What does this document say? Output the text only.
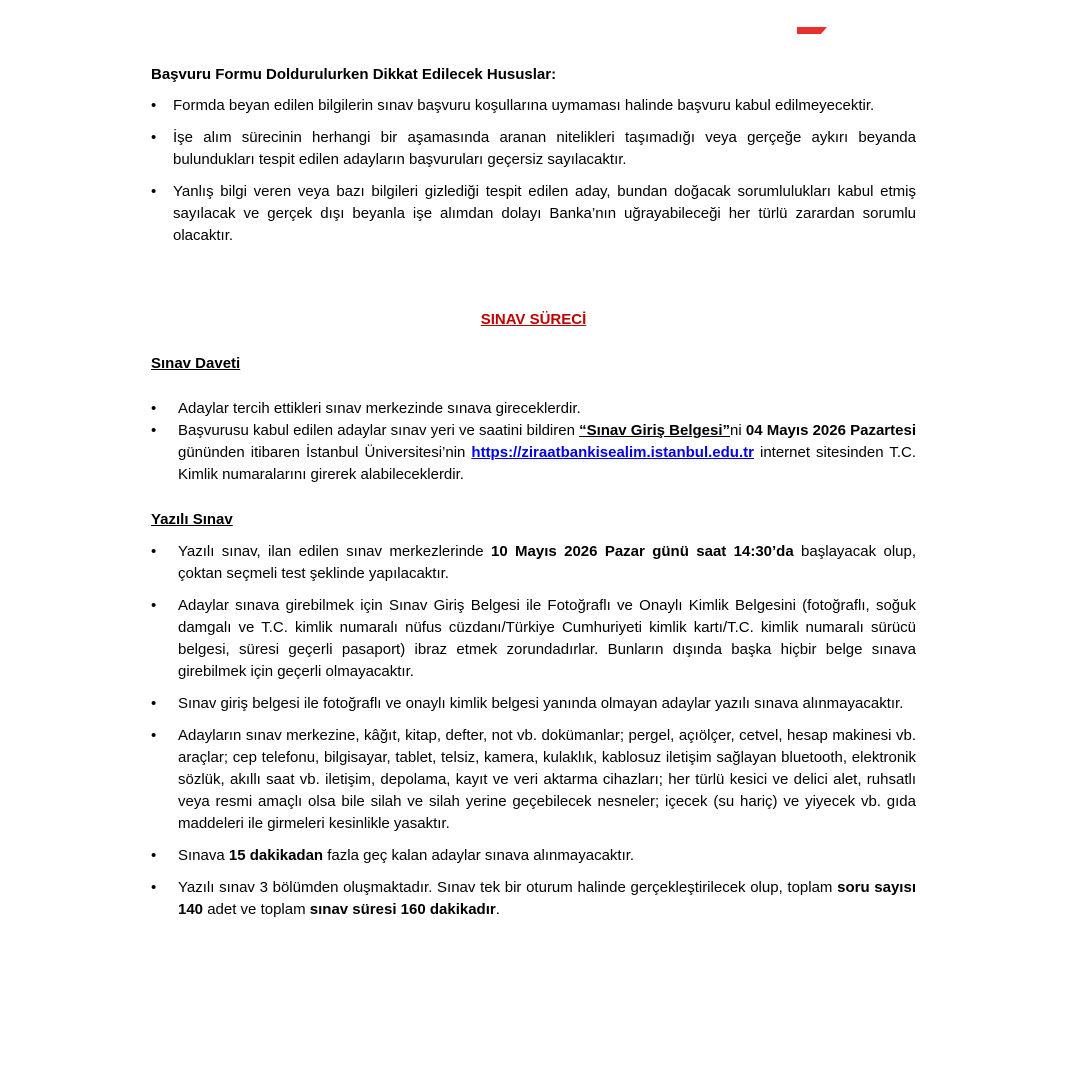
Başvuru Formu Doldurulurken Dikkat Edilecek Hususlar:
• Formda beyan edilen bilgilerin sınav başvuru koşullarına uymaması halinde başvuru kabul edilmeyecektir.
• İşe alım sürecinin herhangi bir aşamasında aranan nitelikleri taşımadığı veya gerçeğe aykırı beyanda bulundukları tespit edilen adayların başvuruları geçersiz sayılacaktır.
• Yanlış bilgi veren veya bazı bilgileri gizlediği tespit edilen aday, bundan doğacak sorumlulukları kabul etmiş sayılacak ve gerçek dışı beyanla işe alımdan dolayı Banka’nın uğrayabileceği her türlü zarardan sorumlu olacaktır.
SINAV SÜRECİ
Sınav Daveti
• Adaylar tercih ettikleri sınav merkezinde sınava gireceklerdir.
• Başvurusu kabul edilen adaylar sınav yeri ve saatini bildiren “Sınav Giriş Belgesi”ni 04 Mayıs 2026 Pazartesi gününden itibaren İstanbul Üniversitesi’nin https://ziraatbankisealim.istanbul.edu.tr internet sitesinden T.C. Kimlik numaralarını girerek alabileceklerdir.
Yazılı Sınav
• Yazılı sınav, ilan edilen sınav merkezlerinde 10 Mayıs 2026 Pazar günü saat 14:30’da başlayacak olup, çoktan seçmeli test şeklinde yapılacaktır.
• Adaylar sınava girebilmek için Sınav Giriş Belgesi ile Fotoğraflı ve Onaylı Kimlik Belgesini (fotoğraflı, soğuk damgalı ve T.C. kimlik numaralı nüfus cüzdanı/Türkiye Cumhuriyeti kimlik kartı/T.C. kimlik numaralı sürücü belgesi, süresi geçerli pasaport) ibraz etmek zorundadırlar. Bunların dışında başka hiçbir belge sınava girebilmek için geçerli olmayacaktır.
• Sınav giriş belgesi ile fotoğraflı ve onaylı kimlik belgesi yanında olmayan adaylar yazılı sınava alınmayacaktır.
• Adayların sınav merkezine, kâğıt, kitap, defter, not vb. dokümanlar; pergel, açıölçer, cetvel, hesap makinesi vb. araçlar; cep telefonu, bilgisayar, tablet, telsiz, kamera, kulaklık, kablosuz iletişim sağlayan bluetooth, elektronik sözlük, akıllı saat vb. iletişim, depolama, kayıt ve veri aktarma cihazları; her türlü kesici ve delici alet, ruhsatlı veya resmi amaçlı olsa bile silah ve silah yerine geçebilecek nesneler; içecek (su hariç) ve yiyecek vb. gıda maddeleri ile girmeleri kesinlikle yasaktır.
• Sınava 15 dakikadan fazla geç kalan adaylar sınava alınmayacaktır.
• Yazılı sınav 3 bölümden oluşmaktadır. Sınav tek bir oturum halinde gerçekleştirilecek olup, toplam soru sayısı 140 adet ve toplam sınav süresi 160 dakikadır.
